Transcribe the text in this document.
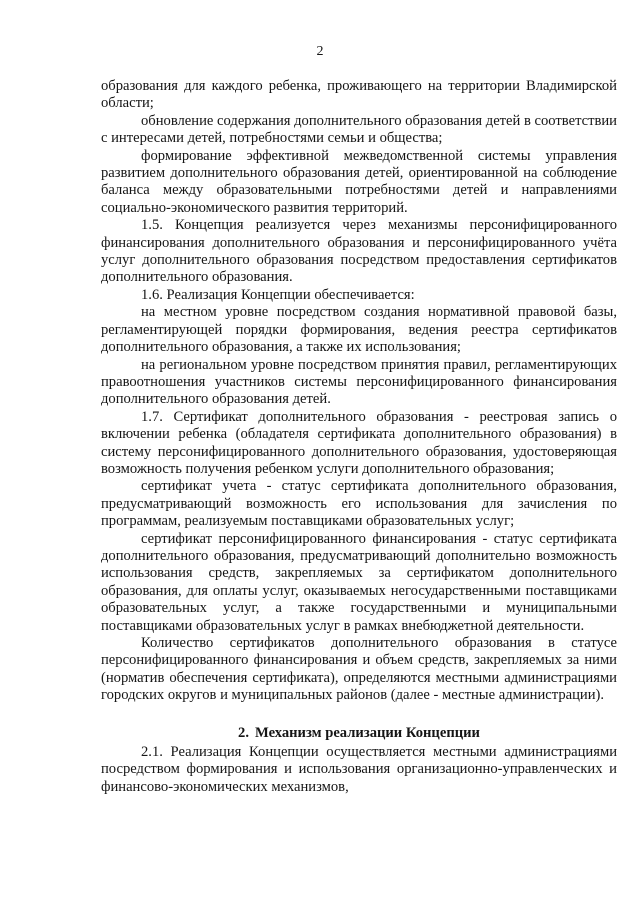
2

образования для каждого ребенка, проживающего на территории Владимирской области;

обновление содержания дополнительного образования детей в соответствии с интересами детей, потребностями семьи и общества;

формирование эффективной межведомственной системы управления развитием дополнительного образования детей, ориентированной на соблюдение баланса между образовательными потребностями детей и направлениями социально-экономического развития территорий.

1.5. Концепция реализуется через механизмы персонифицированного финансирования дополнительного образования и персонифицированного учёта услуг дополнительного образования посредством предоставления сертификатов дополнительного образования.

1.6. Реализация Концепции обеспечивается:

на местном уровне посредством создания нормативной правовой базы, регламентирующей порядки формирования, ведения реестра сертификатов дополнительного образования, а также их использования;

на региональном уровне посредством принятия правил, регламентирующих правоотношения участников системы персонифицированного финансирования дополнительного образования детей.

1.7. Сертификат дополнительного образования - реестровая запись о включении ребенка (обладателя сертификата дополнительного образования) в систему персонифицированного дополнительного образования, удостоверяющая возможность получения ребенком услуги дополнительного образования;

сертификат учета - статус сертификата дополнительного образования, предусматривающий возможность его использования для зачисления по программам, реализуемым поставщиками образовательных услуг;

сертификат персонифицированного финансирования - статус сертификата дополнительного образования, предусматривающий дополнительно возможность использования средств, закрепляемых за сертификатом дополнительного образования, для оплаты услуг, оказываемых негосударственными поставщиками образовательных услуг, а также государственными и муниципальными поставщиками образовательных услуг в рамках внебюджетной деятельности.

Количество сертификатов дополнительного образования в статусе персонифицированного финансирования и объем средств, закрепляемых за ними (норматив обеспечения сертификата), определяются местными администрациями городских округов и муниципальных районов (далее - местные администрации).

2. Механизм реализации Концепции

2.1. Реализация Концепции осуществляется местными администрациями посредством формирования и использования организационно-управленческих и финансово-экономических механизмов,
